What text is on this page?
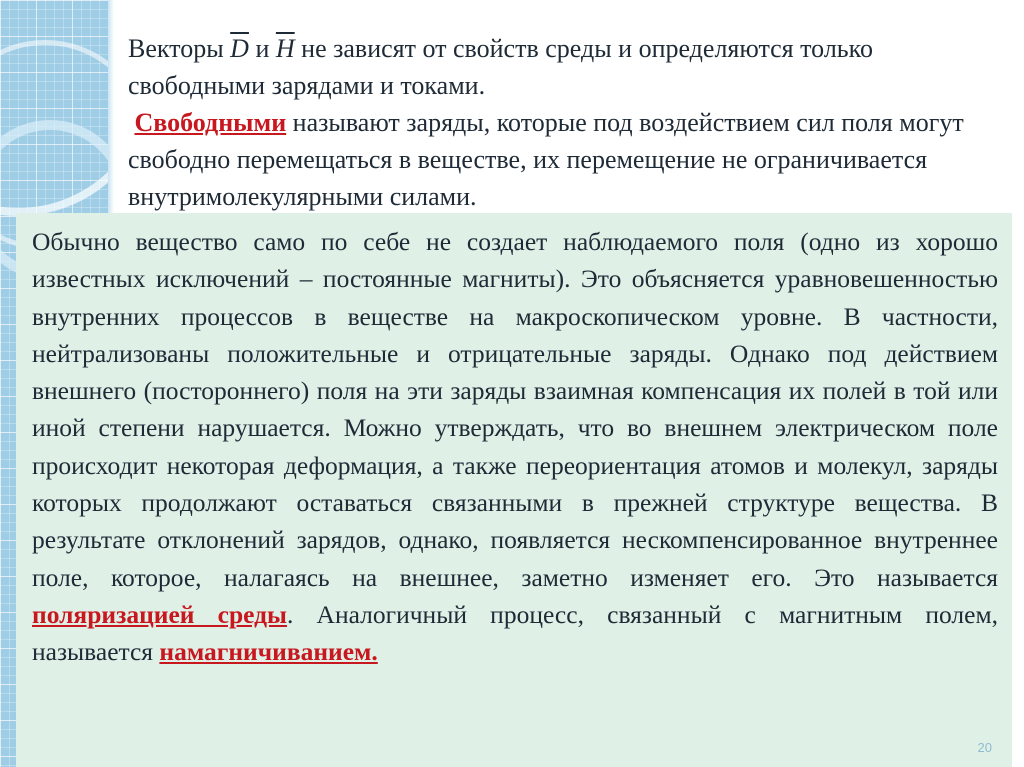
Векторы $\overline{D}$ и $\overline{H}$ не зависят от свойств среды и определяются только свободными зарядами и токами.

Свободными называют заряды, которые под воздействием сил поля могут свободно перемещаться в веществе, их перемещение не ограничивается внутримолекулярными силами.

Обычно вещество само по себе не создает наблюдаемого поля (одно из хорошо известных исключений – постоянные магниты). Это объясняется уравновешенностью внутренних процессов в веществе на макроскопическом уровне. В частности, нейтрализованы положительные и отрицательные заряды. Однако под действием внешнего (постороннего) поля на эти заряды взаимная компенсация их полей в той или иной степени нарушается. Можно утверждать, что во внешнем электрическом поле происходит некоторая деформация, а также переориентация атомов и молекул, заряды которых продолжают оставаться связанными в прежней структуре вещества. В результате отклонений зарядов, однако, появляется нескомпенсированное внутреннее поле, которое, налагаясь на внешнее, заметно изменяет его. Это называется поляризацией среды. Аналогичный процесс, связанный с магнитным полем, называется намагничиванием.

20
